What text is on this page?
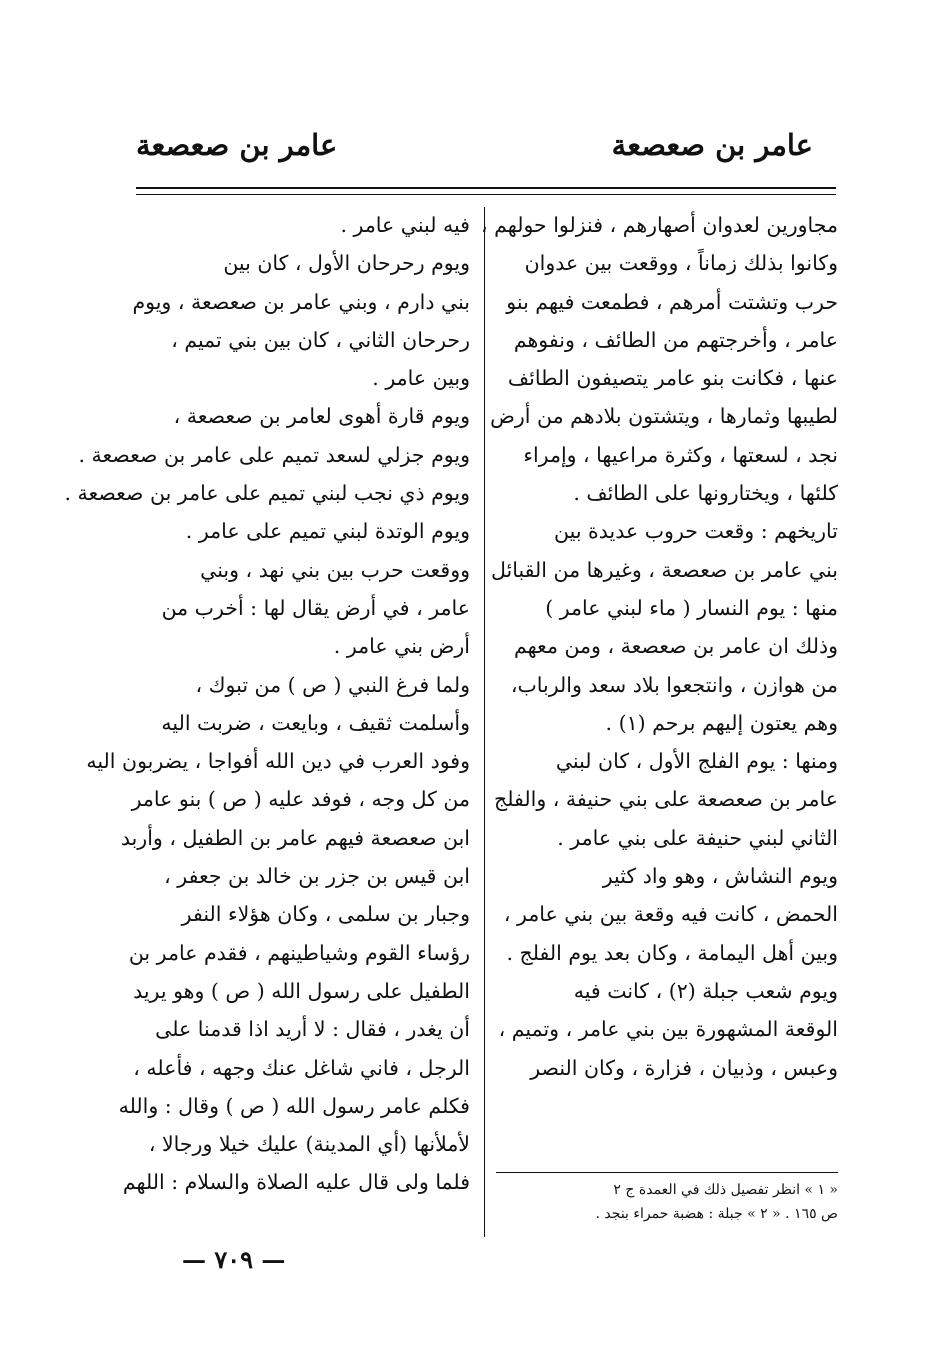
عامر بن صعصعة
عامر بن صعصعة
مجاورين لعدوان أصهارهم ، فنزلوا حولهم ،
وكانوا بذلك زماناً ، ووقعت بين عدوان
حرب وتشتت أمرهم ، فطمعت فيهم بنو
عامر ، وأخرجتهم من الطائف ، ونفوهم
عنها ، فكانت بنو عامر يتصيفون الطائف
لطيبها وثمارها ، ويتشتون بلادهم من أرض
نجد ، لسعتها ، وكثرة مراعيها ، وإمراء
كلئها ، ويختارونها على الطائف .
تاريخهم : وقعت حروب عديدة بين
بني عامر بن صعصعة ، وغيرها من القبائل
منها : يوم النسار ( ماء لبني عامر )
وذلك ان عامر بن صعصعة ، ومن معهم
من هوازن ، وانتجعوا بلاد سعد والرباب،
وهم يعتون إليهم برحم (١) .
ومنها : يوم الفلج الأول ، كان لبني
عامر بن صعصعة على بني حنيفة ، والفلج
الثاني لبني حنيفة على بني عامر .
ويوم النشاش ، وهو واد كثير
الحمض ، كانت فيه وقعة بين بني عامر ،
وبين أهل اليمامة ، وكان بعد يوم الفلج .
ويوم شعب جبلة (٢) ، كانت فيه
الوقعة المشهورة بين بني عامر ، وتميم ،
وعبس ، وذبيان ، فزارة ، وكان النصر
فيه لبني عامر .
ويوم رحرحان الأول ، كان بين
بني دارم ، وبني عامر بن صعصعة ، ويوم
رحرحان الثاني ، كان بين بني تميم ،
وبين عامر .
ويوم قارة أهوى لعامر بن صعصعة ،
ويوم جزلي لسعد تميم على عامر بن صعصعة .
ويوم ذي نجب لبني تميم على عامر بن صعصعة .
ويوم الوتدة لبني تميم على عامر .
ووقعت حرب بين بني نهد ، وبني
عامر ، في أرض يقال لها : أخرب من
أرض بني عامر .
ولما فرغ النبي ( ص ) من تبوك ،
وأسلمت ثقيف ، وبايعت ، ضربت اليه
وفود العرب في دين الله أفواجا ، يضربون اليه
من كل وجه ، فوفد عليه ( ص ) بنو عامر
ابن صعصعة فيهم عامر بن الطفيل ، وأربد
ابن قيس بن جزر بن خالد بن جعفر ،
وجبار بن سلمى ، وكان هؤلاء النفر
رؤساء القوم وشياطينهم ، فقدم عامر بن
الطفيل على رسول الله ( ص ) وهو يريد
أن يغدر ، فقال : لا أريد اذا قدمنا على
الرجل ، فاني شاغل عنك وجهه ، فأعله ،
فكلم عامر رسول الله ( ص ) وقال : والله
لأملأنها (أي المدينة) عليك خيلا ورجالا ،
فلما ولى قال عليه الصلاة والسلام : اللهم	« ١ » انظر تفصيل ذلك في العمدة ج ٢
ص ١٦٥ . « ٢ » جبلة : هضبة حمراء بنجد .
— ٧٠٩ —
